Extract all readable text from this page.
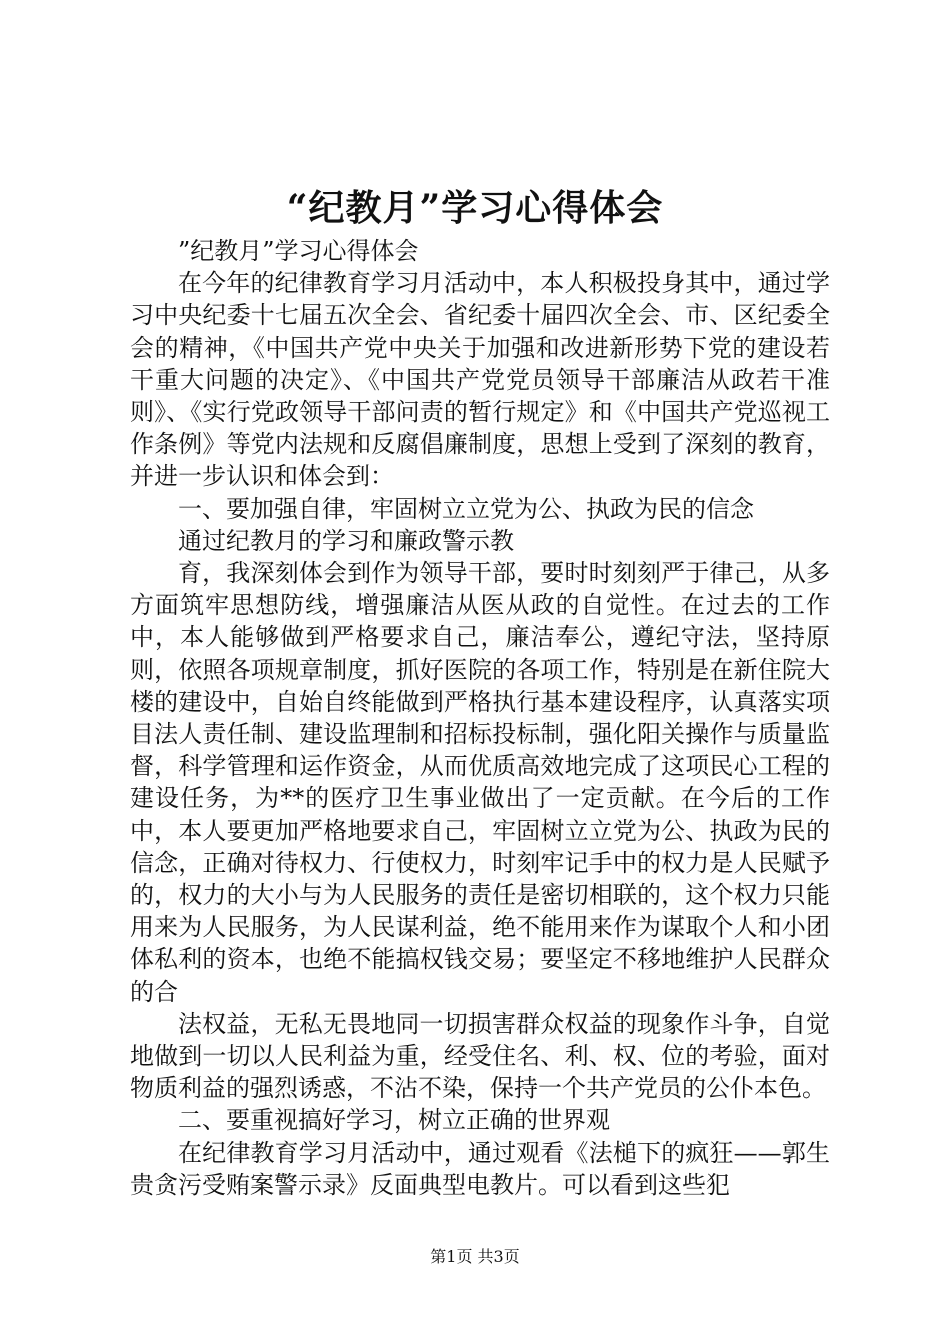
“纪教月”学习心得体会

”纪教月”学习心得体会

在今年的纪律教育学习月活动中，本人积极投身其中，通过学习中央纪委十七届五次全会、省纪委十届四次全会、市、区纪委全会的精神，《中国共产党中央关于加强和改进新形势下党的建设若干重大问题的决定》、《中国共产党党员领导干部廉洁从政若干准则》、《实行党政领导干部问责的暂行规定》和《中国共产党巡视工作条例》等党内法规和反腐倡廉制度，思想上受到了深刻的教育，并进一步认识和体会到：

一、要加强自律，牢固树立立党为公、执政为民的信念

通过纪教月的学习和廉政警示教

育，我深刻体会到作为领导干部，要时时刻刻严于律己，从多方面筑牢思想防线，增强廉洁从医从政的自觉性。在过去的工作中，本人能够做到严格要求自己，廉洁奉公，遵纪守法，坚持原则，依照各项规章制度，抓好医院的各项工作，特别是在新住院大楼的建设中，自始自终能做到严格执行基本建设程序，认真落实项目法人责任制、建设监理制和招标投标制，强化阳关操作与质量监督，科学管理和运作资金，从而优质高效地完成了这项民心工程的建设任务，为**的医疗卫生事业做出了一定贡献。在今后的工作中，本人要更加严格地要求自己，牢固树立立党为公、执政为民的信念，正确对待权力、行使权力，时刻牢记手中的权力是人民赋予的，权力的大小与为人民服务的责任是密切相联的，这个权力只能用来为人民服务，为人民谋利益，绝不能用来作为谋取个人和小团体私利的资本，也绝不能搞权钱交易；要坚定不移地维护人民群众的合

法权益，无私无畏地同一切损害群众权益的现象作斗争，自觉地做到一切以人民利益为重，经受住名、利、权、位的考验，面对物质利益的强烈诱惑，不沾不染，保持一个共产党员的公仆本色。

二、要重视搞好学习，树立正确的世界观

在纪律教育学习月活动中，通过观看《法槌下的疯狂——郭生贵贪污受贿案警示录》反面典型电教片。可以看到这些犯

第1页 共3页
